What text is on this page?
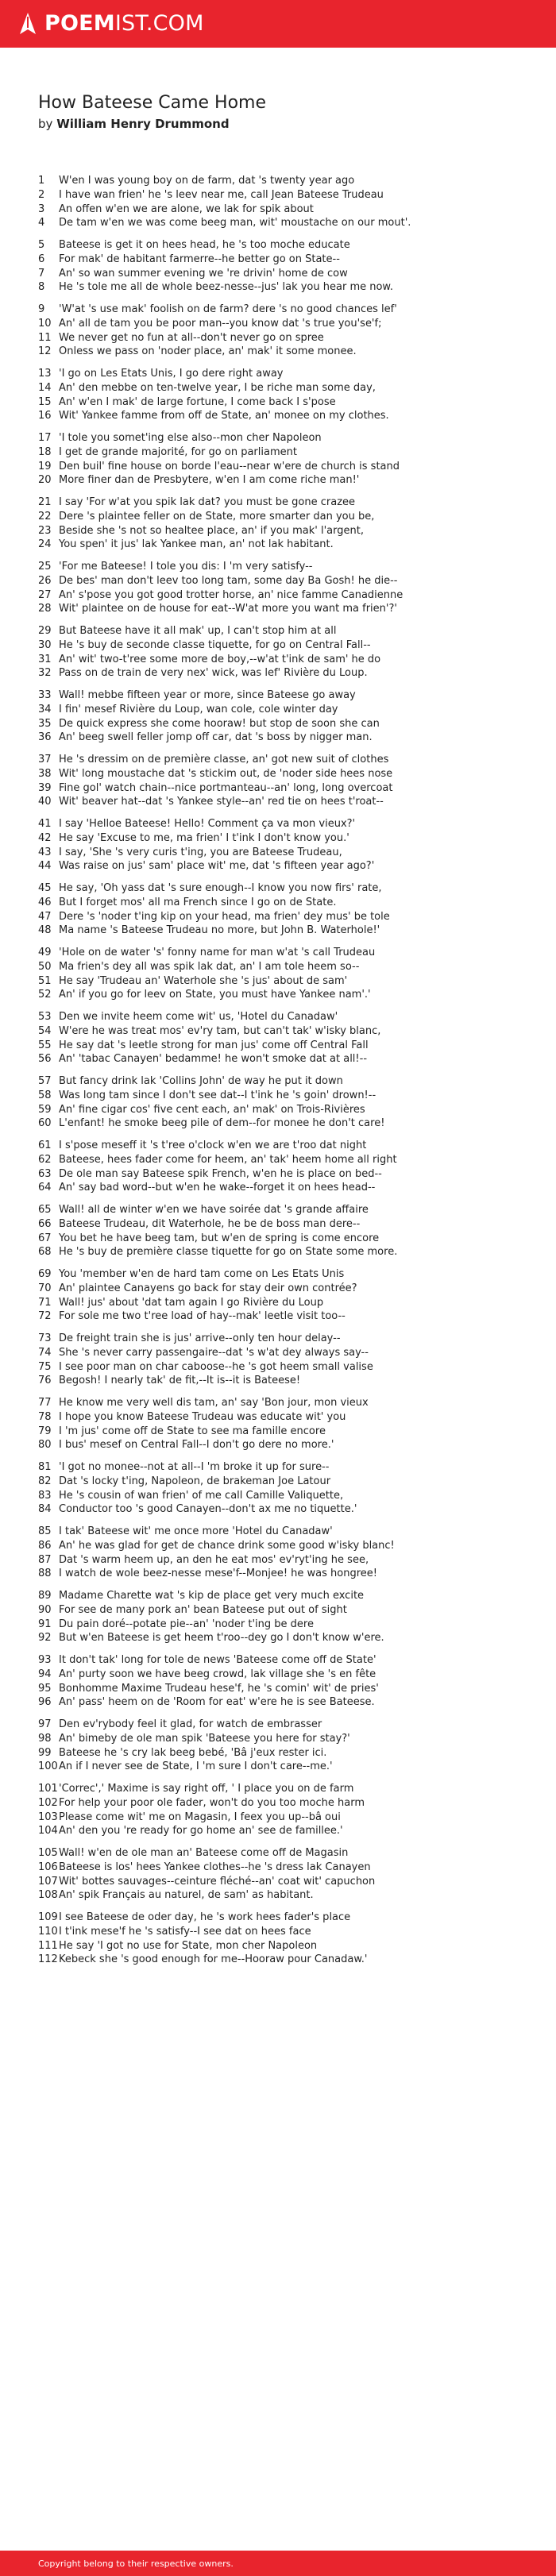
POEMIST.COM
How Bateese Came Home
by William Henry Drummond
1	W'en I was young boy on de farm, dat 's twenty year ago
2	I have wan frien' he 's leev near me, call Jean Bateese Trudeau
3	An offen w'en we are alone, we lak for spik about
4	De tam w'en we was come beeg man, wit' moustache on our mout'.
5	Bateese is get it on hees head, he 's too moche educate
6	For mak' de habitant farmerre--he better go on State--
7	An' so wan summer evening we 're drivin' home de cow
8	He 's tole me all de whole beez-nesse--jus' lak you hear me now.
9	'W'at 's use mak' foolish on de farm? dere 's no good chances lef'
10 An' all de tam you be poor man--you know dat 's true you'se'f;
11 We never get no fun at all--don't never go on spree
12 Onless we pass on 'noder place, an' mak' it some monee.
13 'I go on Les Etats Unis, I go dere right away
14 An' den mebbe on ten-twelve year, I be riche man some day,
15 An' w'en I mak' de large fortune, I come back I s'pose
16 Wit' Yankee famme from off de State, an' monee on my clothes.
17 'I tole you somet'ing else also--mon cher Napoleon
18 I get de grande majorité, for go on parliament
19 Den buil' fine house on borde l'eau--near w'ere de church is stand
20 More finer dan de Presbytere, w'en I am come riche man!'
21 I say 'For w'at you spik lak dat? you must be gone crazee
22 Dere 's plaintee feller on de State, more smarter dan you be,
23 Beside she 's not so healtee place, an' if you mak' l'argent,
24 You spen' it jus' lak Yankee man, an' not lak habitant.
25 'For me Bateese! I tole you dis: I 'm very satisfy--
26 De bes' man don't leev too long tam, some day Ba Gosh! he die--
27 An' s'pose you got good trotter horse, an' nice famme Canadienne
28 Wit' plaintee on de house for eat--W'at more you want ma frien'?'
29 But Bateese have it all mak' up, I can't stop him at all
30 He 's buy de seconde classe tiquette, for go on Central Fall--
31 An' wit' two-t'ree some more de boy,--w'at t'ink de sam' he do
32 Pass on de train de very nex' wick, was lef' Rivière du Loup.
33 Wall! mebbe fifteen year or more, since Bateese go away
34 I fin' mesef Rivière du Loup, wan cole, cole winter day
35 De quick express she come hooraw! but stop de soon she can
36 An' beeg swell feller jomp off car, dat 's boss by nigger man.
37 He 's dressim on de première classe, an' got new suit of clothes
38 Wit' long moustache dat 's stickim out, de 'noder side hees nose
39 Fine gol' watch chain--nice portmanteau--an' long, long overcoat
40 Wit' beaver hat--dat 's Yankee style--an' red tie on hees t'roat--
41 I say 'Helloe Bateese! Hello! Comment ça va mon vieux?'
42 He say 'Excuse to me, ma frien' I t'ink I don't know you.'
43 I say, 'She 's very curis t'ing, you are Bateese Trudeau,
44 Was raise on jus' sam' place wit' me, dat 's fifteen year ago?'
45 He say, 'Oh yass dat 's sure enough--I know you now firs' rate,
46 But I forget mos' all ma French since I go on de State.
47 Dere 's 'noder t'ing kip on your head, ma frien' dey mus' be tole
48 Ma name 's Bateese Trudeau no more, but John B. Waterhole!'
49 'Hole on de water 's' fonny name for man w'at 's call Trudeau
50 Ma frien's dey all was spik lak dat, an' I am tole heem so--
51 He say 'Trudeau an' Waterhole she 's jus' about de sam'
52 An' if you go for leev on State, you must have Yankee nam'.'
53 Den we invite heem come wit' us, 'Hotel du Canadaw'
54 W'ere he was treat mos' ev'ry tam, but can't tak' w'isky blanc,
55 He say dat 's leetle strong for man jus' come off Central Fall
56 An' 'tabac Canayen' bedamme! he won't smoke dat at all!--
57 But fancy drink lak 'Collins John' de way he put it down
58 Was long tam since I don't see dat--I t'ink he 's goin' drown!--
59 An' fine cigar cos' five cent each, an' mak' on Trois-Rivières
60 L'enfant! he smoke beeg pile of dem--for monee he don't care!
61 I s'pose meseff it 's t'ree o'clock w'en we are t'roo dat night
62 Bateese, hees fader come for heem, an' tak' heem home all right
63 De ole man say Bateese spik French, w'en he is place on bed--
64 An' say bad word--but w'en he wake--forget it on hees head--
65 Wall! all de winter w'en we have soirée dat 's grande affaire
66 Bateese Trudeau, dit Waterhole, he be de boss man dere--
67 You bet he have beeg tam, but w'en de spring is come encore
68 He 's buy de première classe tiquette for go on State some more.
69 You 'member w'en de hard tam come on Les Etats Unis
70 An' plaintee Canayens go back for stay deir own contrée?
71 Wall! jus' about 'dat tam again I go Rivière du Loup
72 For sole me two t'ree load of hay--mak' leetle visit too--
73 De freight train she is jus' arrive--only ten hour delay--
74 She 's never carry passengaire--dat 's w'at dey always say--
75 I see poor man on char caboose--he 's got heem small valise
76 Begosh! I nearly tak' de fit,--It is--it is Bateese!
77 He know me very well dis tam, an' say 'Bon jour, mon vieux
78 I hope you know Bateese Trudeau was educate wit' you
79 I 'm jus' come off de State to see ma famille encore
80 I bus' mesef on Central Fall--I don't go dere no more.'
81 'I got no monee--not at all--I 'm broke it up for sure--
82 Dat 's locky t'ing, Napoleon, de brakeman Joe Latour
83 He 's cousin of wan frien' of me call Camille Valiquette,
84 Conductor too 's good Canayen--don't ax me no tiquette.'
85 I tak' Bateese wit' me once more 'Hotel du Canadaw'
86 An' he was glad for get de chance drink some good w'isky blanc!
87 Dat 's warm heem up, an den he eat mos' ev'ryt'ing he see,
88 I watch de wole beez-nesse mese'f--Monjee! he was hongree!
89 Madame Charette wat 's kip de place get very much excite
90 For see de many pork an' bean Bateese put out of sight
91 Du pain doré--potate pie--an' 'noder t'ing be dere
92 But w'en Bateese is get heem t'roo--dey go I don't know w'ere.
93 It don't tak' long for tole de news 'Bateese come off de State'
94 An' purty soon we have beeg crowd, lak village she 's en fête
95 Bonhomme Maxime Trudeau hese'f, he 's comin' wit' de pries'
96 An' pass' heem on de 'Room for eat' w'ere he is see Bateese.
97 Den ev'rybody feel it glad, for watch de embrasser
98 An' bimeby de ole man spik 'Bateese you here for stay?'
99 Bateese he 's cry lak beeg bebé, 'Bâ j'eux rester ici.
100 An if I never see de State, I 'm sure I don't care--me.'
101 'Correc',' Maxime is say right off, ' I place you on de farm
102 For help your poor ole fader, won't do you too moche harm
103 Please come wit' me on Magasin, I feex you up--bâ oui
104 An' den you 're ready for go home an' see de famillee.'
105 Wall! w'en de ole man an' Bateese come off de Magasin
106 Bateese is los' hees Yankee clothes--he 's dress lak Canayen
107 Wit' bottes sauvages--ceinture fléché--an' coat wit' capuchon
108 An' spik Français au naturel, de sam' as habitant.
109 I see Bateese de oder day, he 's work hees fader's place
110 I t'ink mese'f he 's satisfy--I see dat on hees face
111 He say 'I got no use for State, mon cher Napoleon
112 Kebeck she 's good enough for me--Hooraw pour Canadaw.'
Copyright belong to their respective owners.
